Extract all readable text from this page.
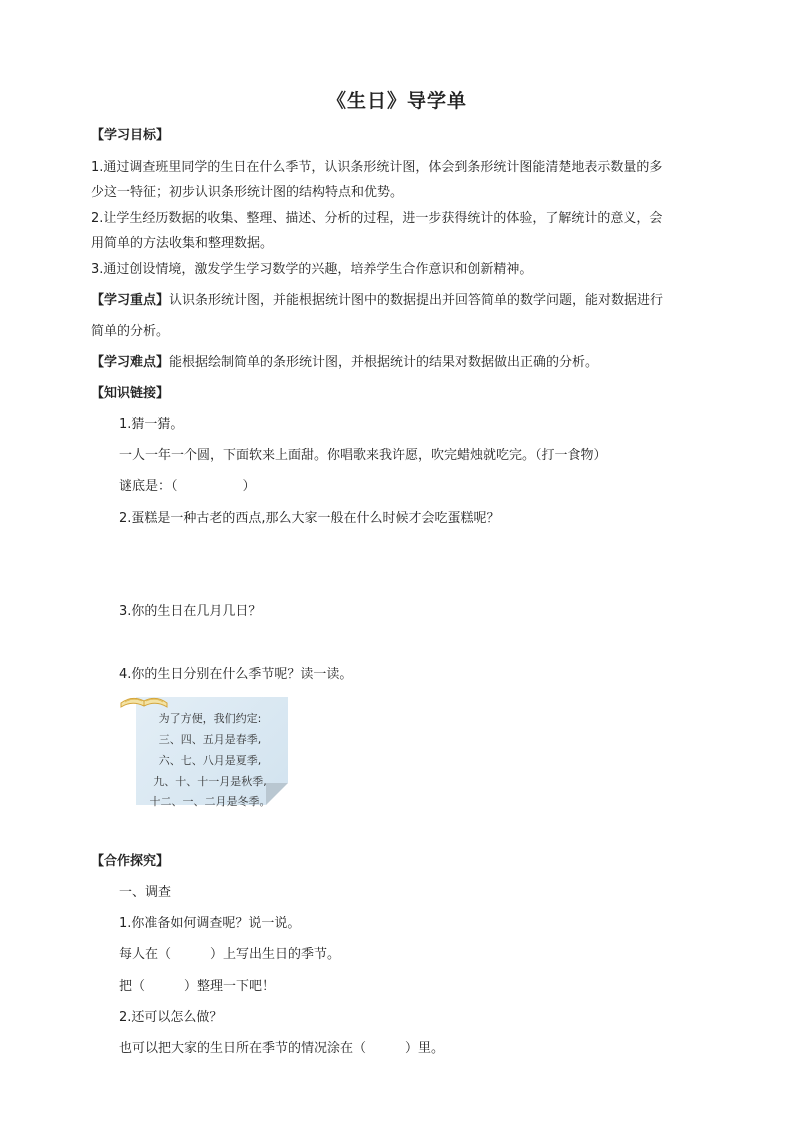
《生日》导学单
【学习目标】
1.通过调查班里同学的生日在什么季节，认识条形统计图，体会到条形统计图能清楚地表示数量的多
少这一特征；初步认识条形统计图的结构特点和优势。
2.让学生经历数据的收集、整理、描述、分析的过程，进一步获得统计的体验，了解统计的意义，会
用简单的方法收集和整理数据。
3.通过创设情境，激发学生学习数学的兴趣，培养学生合作意识和创新精神。
【学习重点】认识条形统计图，并能根据统计图中的数据提出并回答简单的数学问题，能对数据进行
简单的分析。
【学习难点】能根据绘制简单的条形统计图，并根据统计的结果对数据做出正确的分析。
【知识链接】
1.猜一猜。
一人一年一个圆，下面软来上面甜。你唱歌来我许愿，吹完蜡烛就吃完。（打一食物）
谜底是：（　　　　　）
2.蛋糕是一种古老的西点,那么大家一般在什么时候才会吃蛋糕呢？
3.你的生日在几月几日？
4.你的生日分别在什么季节呢？读一读。
为了方便，我们约定:
三、四、五月是春季,
六、七、八月是夏季,
九、十、十一月是秋季,
十二、一、二月是冬季。
【合作探究】
一、调查
1.你准备如何调查呢？说一说。
每人在（　　　）上写出生日的季节。
把（　　　）整理一下吧！
2.还可以怎么做？
也可以把大家的生日所在季节的情况涂在（　　　）里。
